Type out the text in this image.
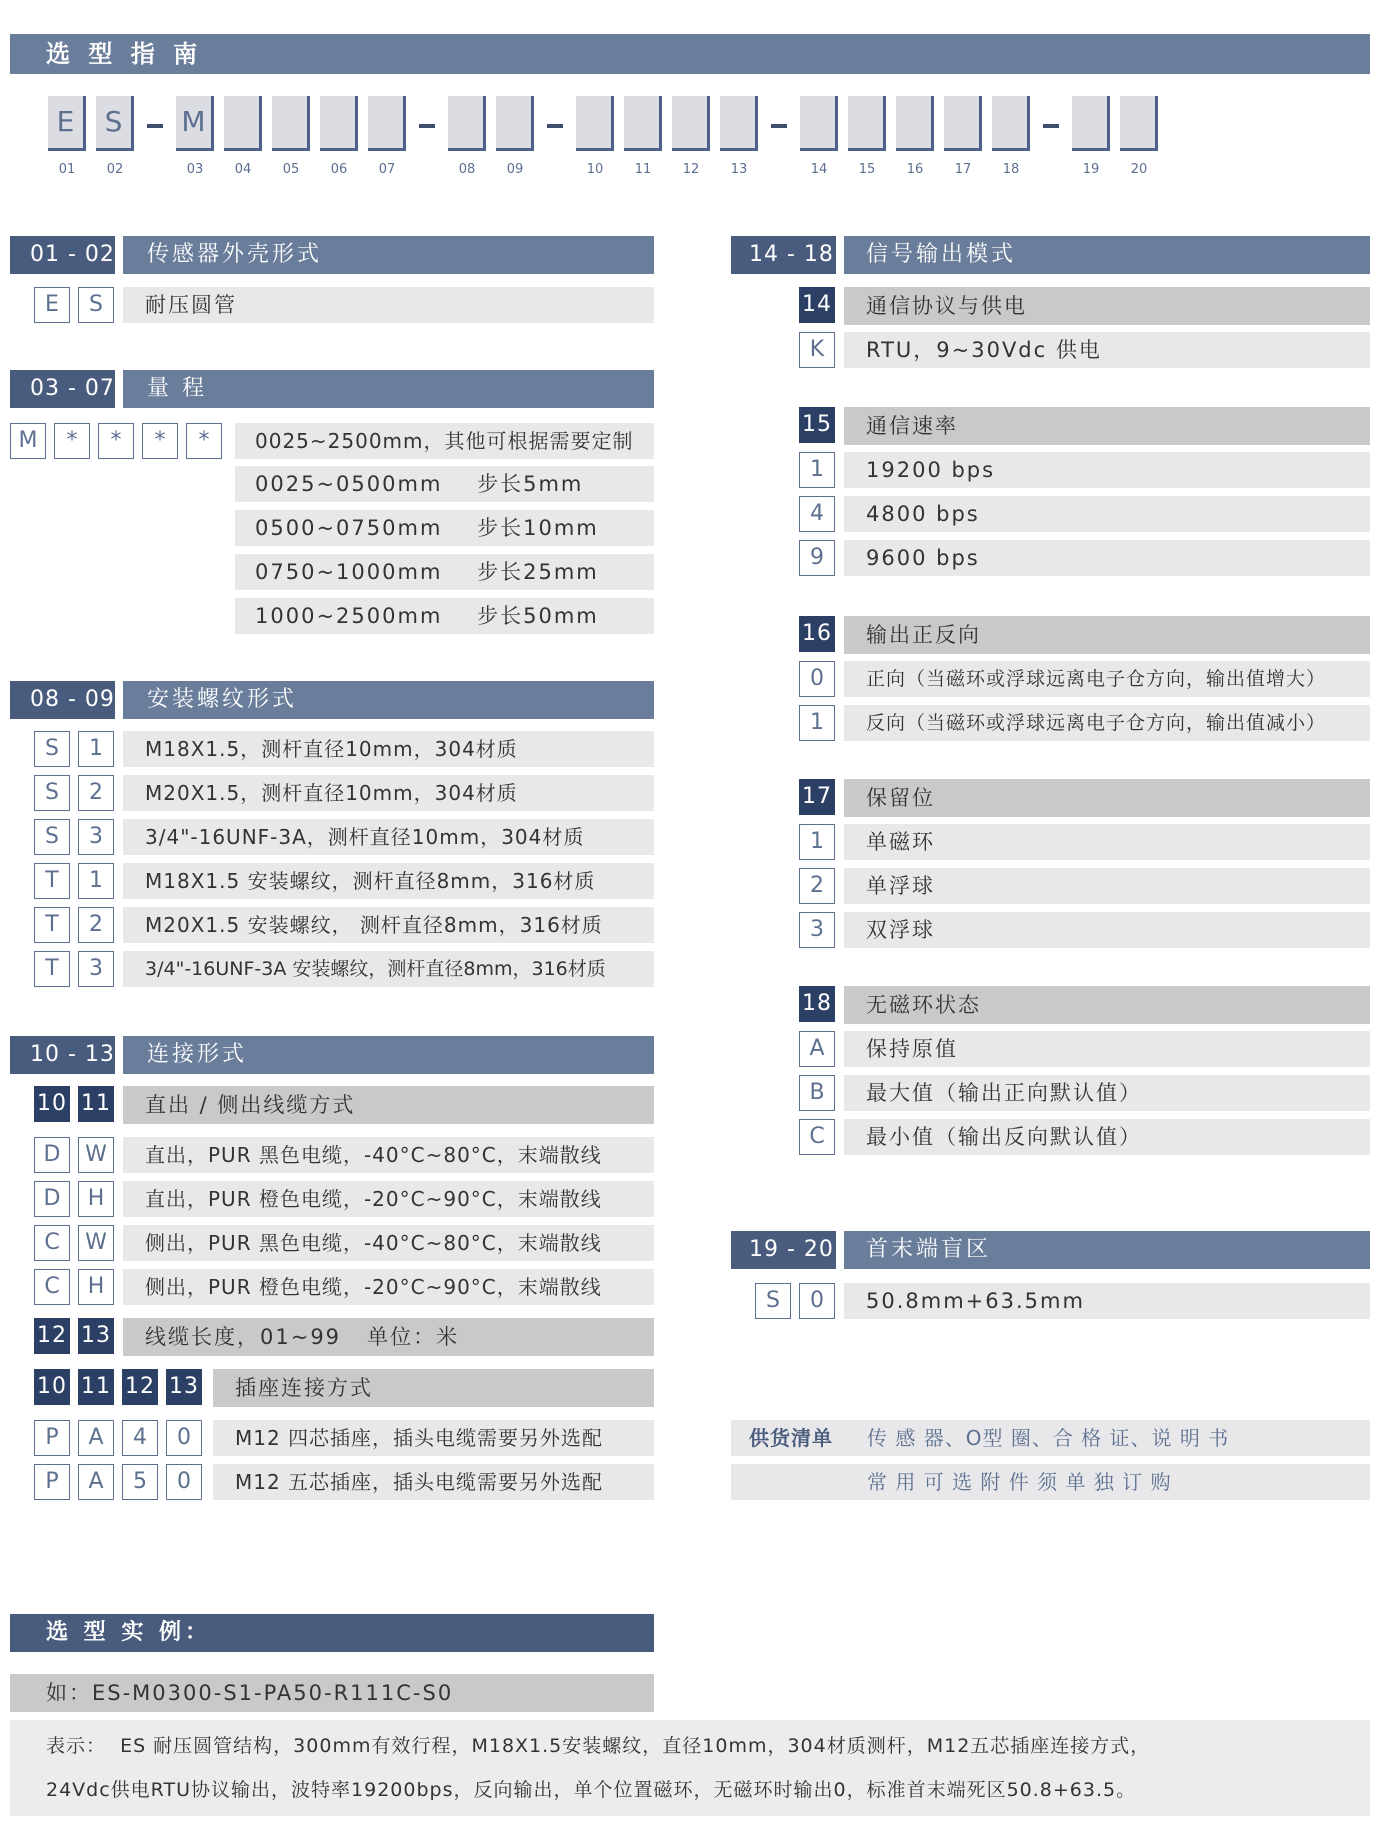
选 型 指 南
E	S	M
01	02	03	04	05	06	07	08	09	10	11	12	13	14	15	16	17	18	19	20
01 - 02 传感器外壳形式
E	S	耐压圆管
03 - 07 量 程
M	*	*	*	*	0025~2500mm，其他可根据需要定制
0025~0500mm    步长5mm
0500~0750mm    步长10mm
0750~1000mm    步长25mm
1000~2500mm    步长50mm
08 - 09 安装螺纹形式
S	1	M18X1.5，测杆直径10mm，304材质
S	2	M20X1.5，测杆直径10mm，304材质
S	3	3/4"-16UNF-3A，测杆直径10mm，304材质
T	1	M18X1.5 安装螺纹，测杆直径8mm，316材质
T	2	M20X1.5 安装螺纹， 测杆直径8mm，316材质
T	3	3/4"-16UNF-3A 安装螺纹，测杆直径8mm，316材质
10 - 13 连接形式
10 11 直出 / 侧出线缆方式
D	W	直出，PUR 黑色电缆，-40°C~80°C，末端散线
D	H	直出，PUR 橙色电缆，-20°C~90°C，末端散线
C	W	侧出，PUR 黑色电缆，-40°C~80°C，末端散线
C	H	侧出，PUR 橙色电缆，-20°C~90°C，末端散线
12 13 线缆长度，01~99   单位：米
10 11 12 13 插座连接方式
P	A	4	0	M12 四芯插座，插头电缆需要另外选配
P	A	5	0	M12 五芯插座，插头电缆需要另外选配
14 - 18 信号输出模式
14 通信协议与供电
K	RTU，9~30Vdc 供电
15 通信速率
1	19200 bps
4	4800 bps
9	9600 bps
16 输出正反向
0	正向（当磁环或浮球远离电子仓方向，输出值增大）
1	反向（当磁环或浮球远离电子仓方向，输出值减小）
17 保留位
1	单磁环
2	单浮球
3	双浮球
18 无磁环状态
A	保持原值
B	最大值（输出正向默认值）
C	最小值（输出反向默认值）
19 - 20 首末端盲区
S	0	50.8mm+63.5mm
供货清单 传 感 器、O型 圈、合 格 证、说 明 书
常 用 可 选 附 件 须 单 独 订 购
选 型 实 例：
如：ES-M0300-S1-PA50-R111C-S0
表示：  ES 耐压圆管结构，300mm有效行程，M18X1.5安装螺纹，直径10mm，304材质测杆，M12五芯插座连接方式，
24Vdc供电RTU协议输出，波特率19200bps，反向输出，单个位置磁环，无磁环时输出0，标准首末端死区50.8+63.5。
